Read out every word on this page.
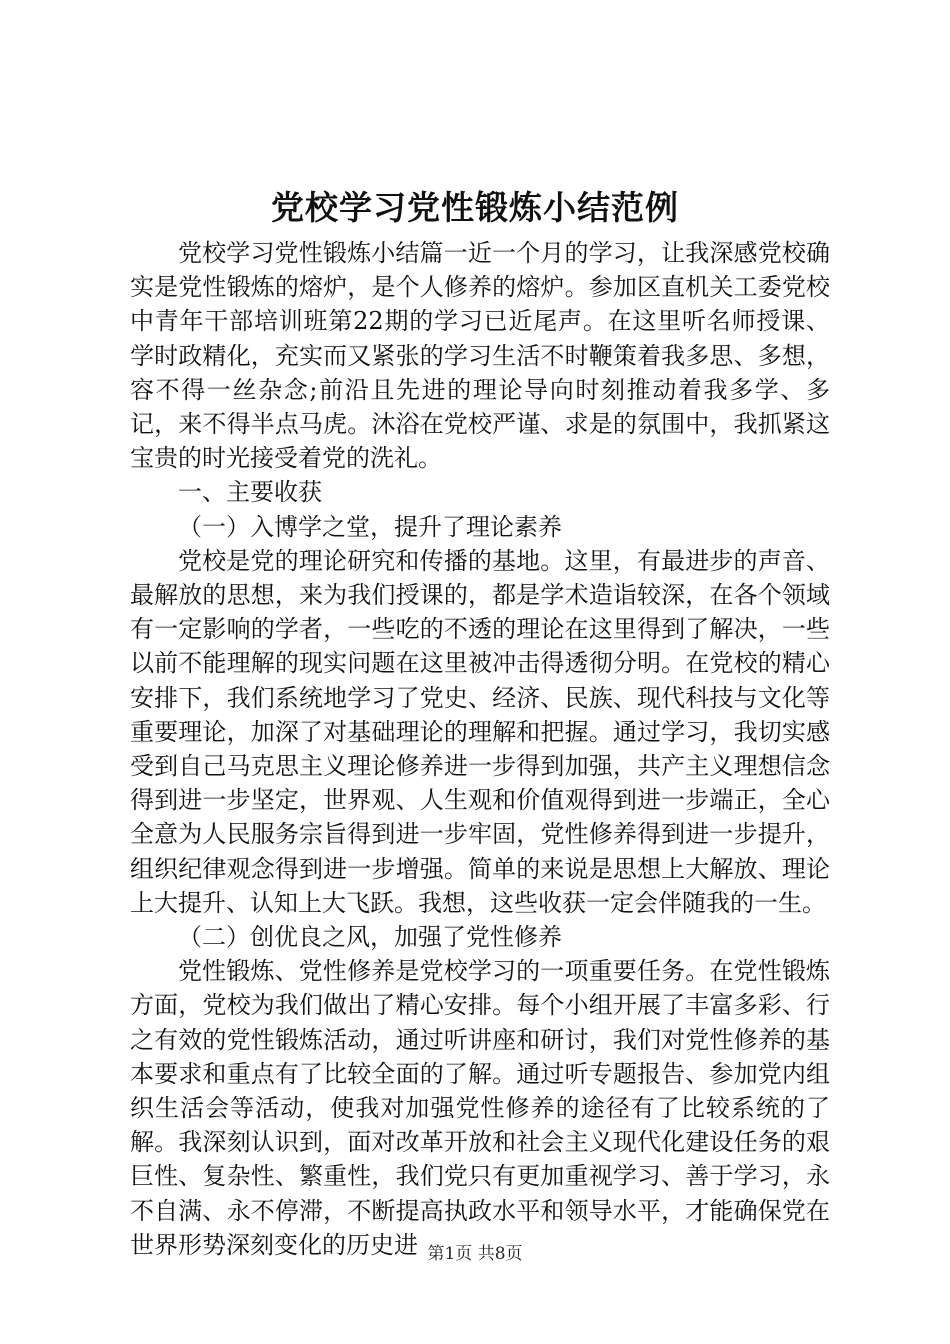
党校学习党性锻炼小结范例

党校学习党性锻炼小结篇一近一个月的学习，让我深感党校确实是党性锻炼的熔炉，是个人修养的熔炉。参加区直机关工委党校中青年干部培训班第22期的学习已近尾声。在这里听名师授课、学时政精化，充实而又紧张的学习生活不时鞭策着我多思、多想，容不得一丝杂念;前沿且先进的理论导向时刻推动着我多学、多记，来不得半点马虎。沐浴在党校严谨、求是的氛围中，我抓紧这宝贵的时光接受着党的洗礼。

一、主要收获

（一）入博学之堂，提升了理论素养

党校是党的理论研究和传播的基地。这里，有最进步的声音、最解放的思想，来为我们授课的，都是学术造诣较深，在各个领域有一定影响的学者，一些吃的不透的理论在这里得到了解决，一些以前不能理解的现实问题在这里被冲击得透彻分明。在党校的精心安排下，我们系统地学习了党史、经济、民族、现代科技与文化等重要理论，加深了对基础理论的理解和把握。通过学习，我切实感受到自己马克思主义理论修养进一步得到加强，共产主义理想信念得到进一步坚定，世界观、人生观和价值观得到进一步端正，全心全意为人民服务宗旨得到进一步牢固，党性修养得到进一步提升，组织纪律观念得到进一步增强。简单的来说是思想上大解放、理论上大提升、认知上大飞跃。我想，这些收获一定会伴随我的一生。

（二）创优良之风，加强了党性修养

党性锻炼、党性修养是党校学习的一项重要任务。在党性锻炼方面，党校为我们做出了精心安排。每个小组开展了丰富多彩、行之有效的党性锻炼活动，通过听讲座和研讨，我们对党性修养的基本要求和重点有了比较全面的了解。通过听专题报告、参加党内组织生活会等活动，使我对加强党性修养的途径有了比较系统的了解。我深刻认识到，面对改革开放和社会主义现代化建设任务的艰巨性、复杂性、繁重性，我们党只有更加重视学习、善于学习，永不自满、永不停滞，不断提高执政水平和领导水平，才能确保党在世界形势深刻变化的历史进 第1页 共8页
